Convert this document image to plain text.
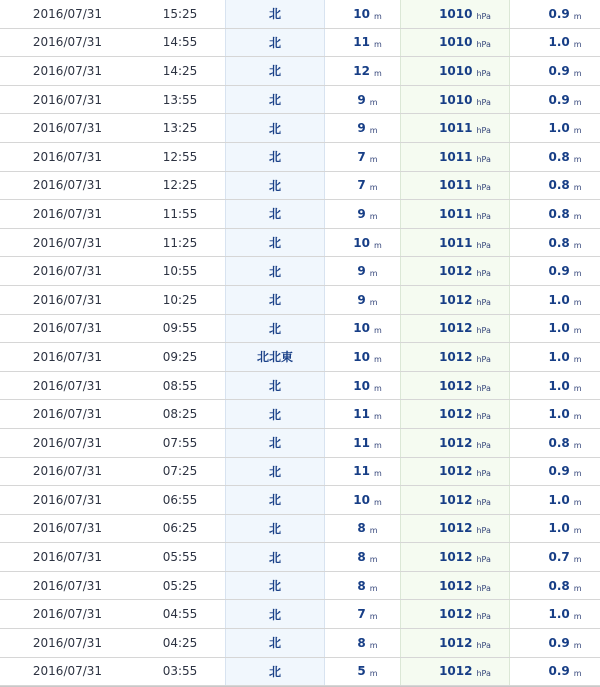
2016/07/31	15:25	北	10 m	1010 hPa	0.9 m
2016/07/31	14:55	北	11 m	1010 hPa	1.0 m
2016/07/31	14:25	北	12 m	1010 hPa	0.9 m
2016/07/31	13:55	北	9 m	1010 hPa	0.9 m
2016/07/31	13:25	北	9 m	1011 hPa	1.0 m
2016/07/31	12:55	北	7 m	1011 hPa	0.8 m
2016/07/31	12:25	北	7 m	1011 hPa	0.8 m
2016/07/31	11:55	北	9 m	1011 hPa	0.8 m
2016/07/31	11:25	北	10 m	1011 hPa	0.8 m
2016/07/31	10:55	北	9 m	1012 hPa	0.9 m
2016/07/31	10:25	北	9 m	1012 hPa	1.0 m
2016/07/31	09:55	北	10 m	1012 hPa	1.0 m
2016/07/31	09:25	北北東	10 m	1012 hPa	1.0 m
2016/07/31	08:55	北	10 m	1012 hPa	1.0 m
2016/07/31	08:25	北	11 m	1012 hPa	1.0 m
2016/07/31	07:55	北	11 m	1012 hPa	0.8 m
2016/07/31	07:25	北	11 m	1012 hPa	0.9 m
2016/07/31	06:55	北	10 m	1012 hPa	1.0 m
2016/07/31	06:25	北	8 m	1012 hPa	1.0 m
2016/07/31	05:55	北	8 m	1012 hPa	0.7 m
2016/07/31	05:25	北	8 m	1012 hPa	0.8 m
2016/07/31	04:55	北	7 m	1012 hPa	1.0 m
2016/07/31	04:25	北	8 m	1012 hPa	0.9 m
2016/07/31	03:55	北	5 m	1012 hPa	0.9 m
